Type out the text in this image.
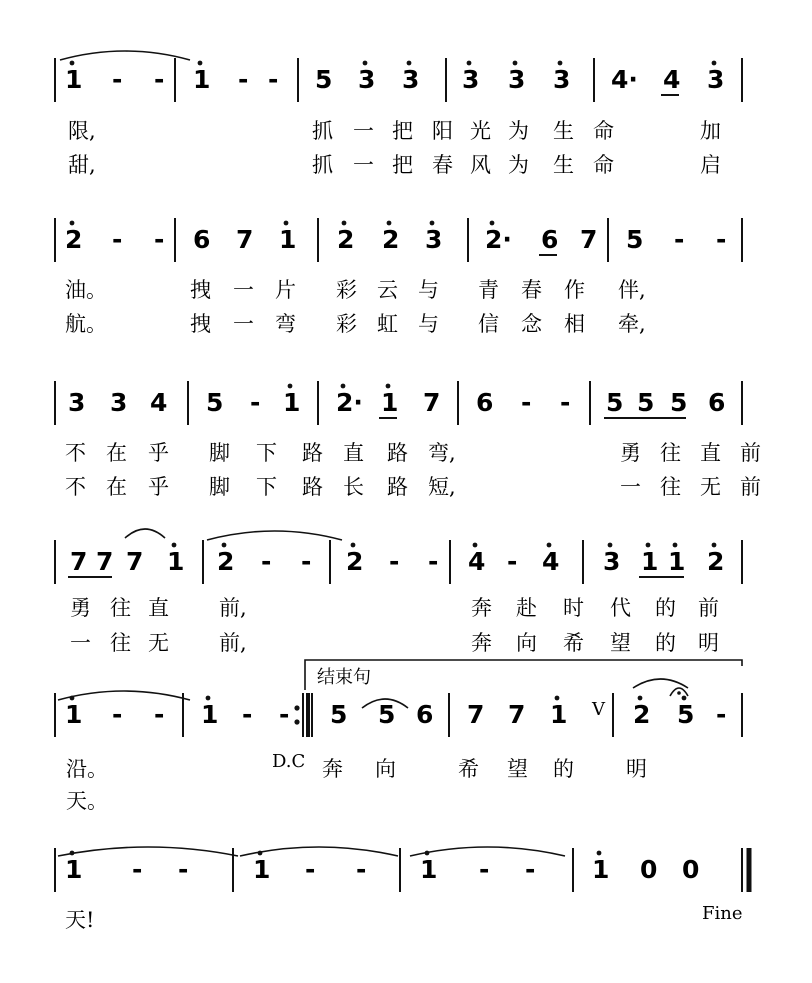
1 - - 1 - - 5 3 3 3 3 3 4· 4 3
2 - - 6 7 1 2 2 3 2· 6 7 5 - -
3 3 4 5 - 1 2· 1 7 6 - - 5 5 5 6
7 7 7 1 2 - - 2 - - 4 - 4 3 1 1 2
1 - - 1 - - 5 5 6 7 7 1	2 5 -
1 - -	1 - - 1 - - 1 0 0
限,	抓 一 把 阳 光 为 生 命	加
甜,	抓 一 把 春 风 为 生 命	启
油。	拽 一 片 彩 云 与 青 春 作 伴,
航。	拽 一 弯 彩 虹 与 信 念 相 牵,
不 在 乎 脚 下 路 直 路 弯,	勇 往 直 前
不 在 乎 脚 下 路 长 路 短,	一 往 无 前
勇 往 直 前,	奔 赴 时 代 的 前
一 往 无 前,	奔 向 希 望 的 明
沿。	奔 向	希 望 的 明
天。
天!
结束句
D.C
Fine
V
